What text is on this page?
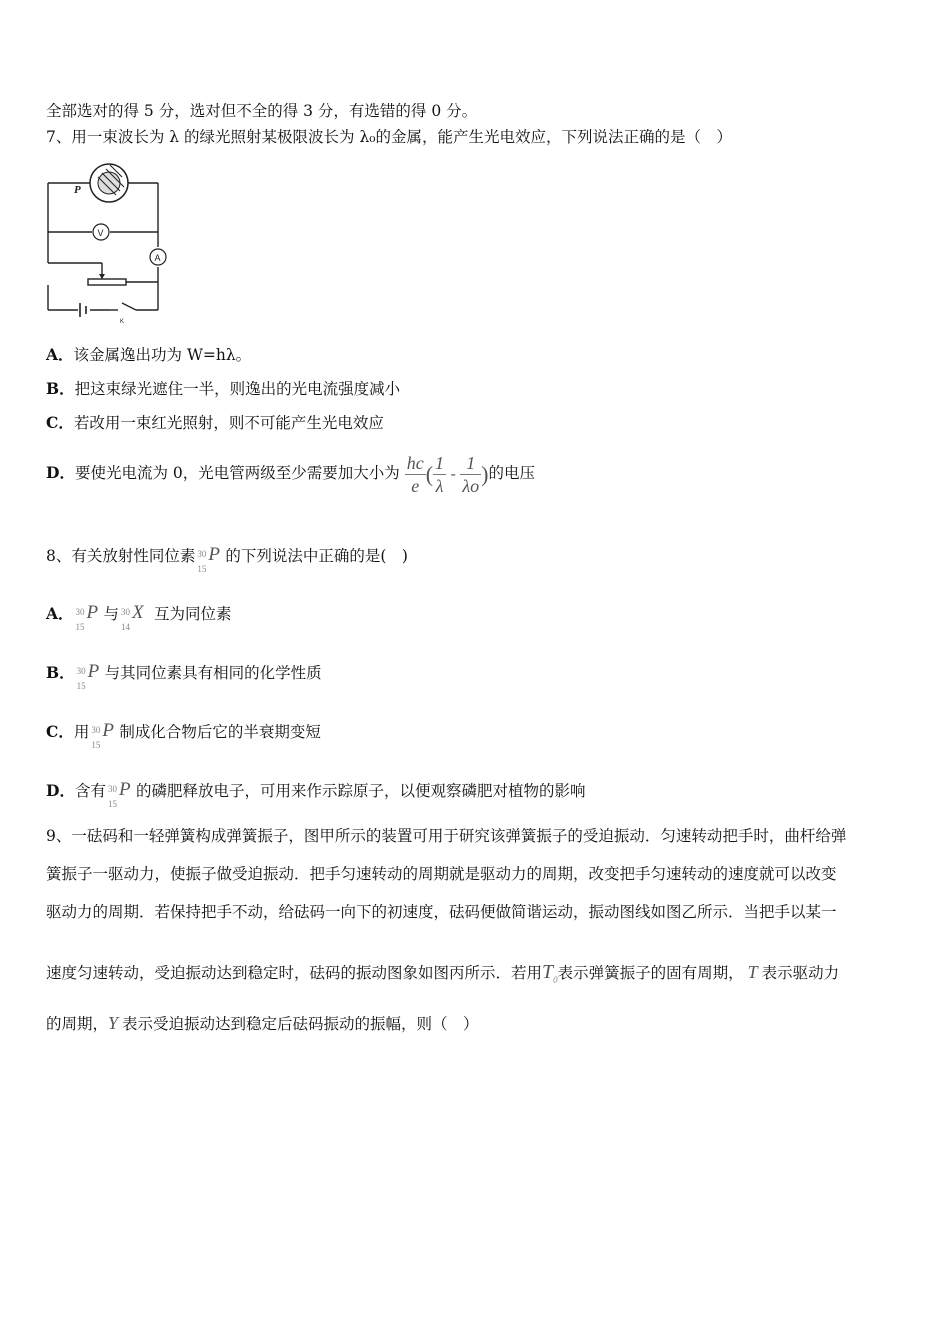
全部选对的得 5 分，选对但不全的得 3 分，有选错的得 0 分。
7、用一束波长为 λ 的绿光照射某极限波长为 λ₀的金属，能产生光电效应，下列说法正确的是（　）
P
V
A
K
A．该金属逸出功为 W=hλ。
B．把这束绿光遮住一半，则逸出的光电流强度减小
C．若改用一束红光照射，则不可能产生光电效应
D．要使光电流为 0，光电管两级至少需要加大小为 $\frac{hc}{e}$ ( $\frac{1}{\lambda} - \frac{1}{\lambda o}$ )的电压
8、有关放射性同位素 30
15
P 的下列说法中正确的是(　)
A． 30
15
P 与 30
14
X 互为同位素
B． 30
15
P 与其同位素具有相同的化学性质
C．用 30
15
P 制成化合物后它的半衰期变短
D．含有 30
15
P 的磷肥释放电子，可用来作示踪原子，以便观察磷肥对植物的影响
9、一砝码和一轻弹簧构成弹簧振子，图甲所示的装置可用于研究该弹簧振子的受迫振动．匀速转动把手时，曲杆给弹
簧振子一驱动力，使振子做受迫振动．把手匀速转动的周期就是驱动力的周期，改变把手匀速转动的速度就可以改变
驱动力的周期．若保持把手不动，给砝码一向下的初速度，砝码便做简谐运动，振动图线如图乙所示．当把手以某一
速度匀速转动，受迫振动达到稳定时，砝码的振动图象如图丙所示．若用$T_0$表示弹簧振子的固有周期， T 表示驱动力
的周期，Y 表示受迫振动达到稳定后砝码振动的振幅，则（　）
